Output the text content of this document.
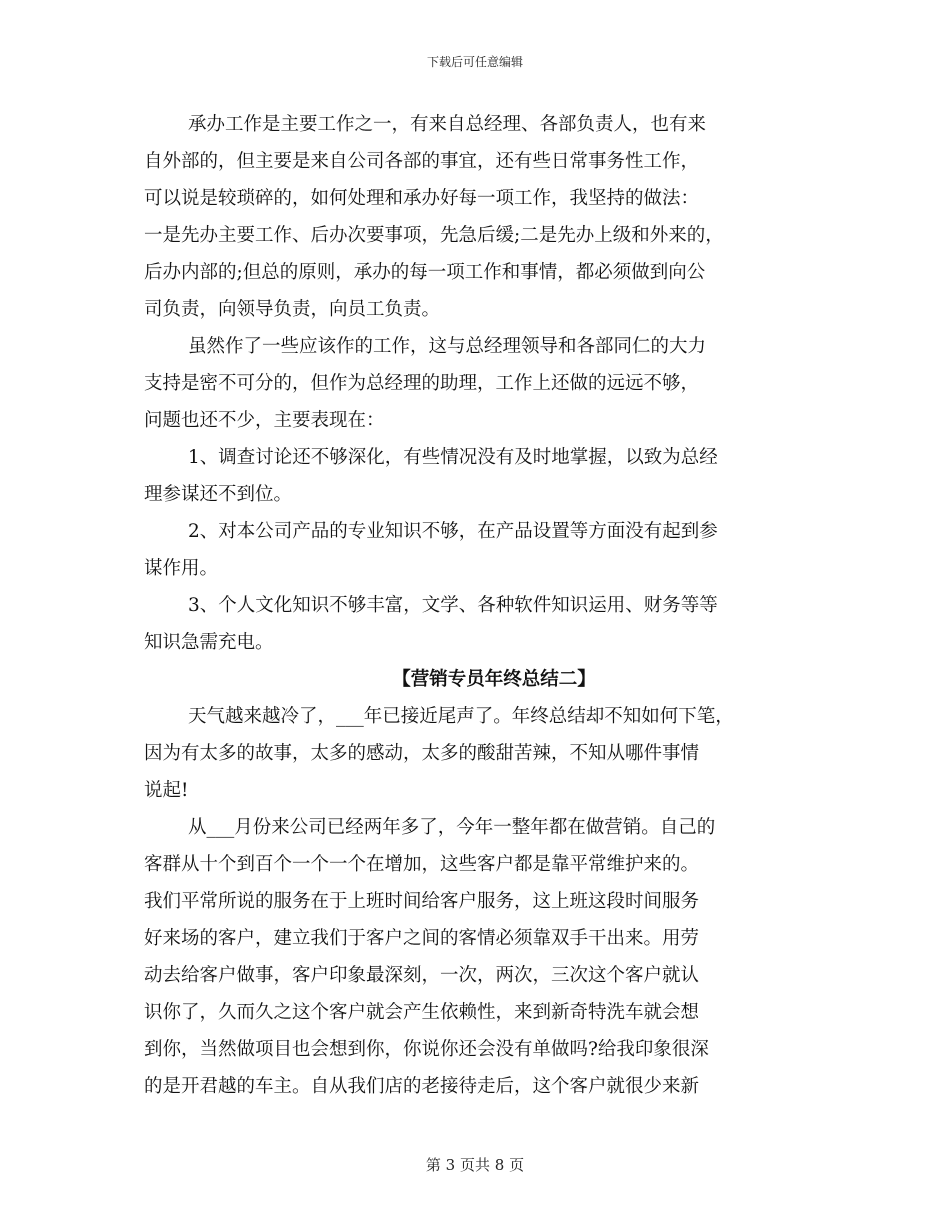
下载后可任意编辑
承办工作是主要工作之一，有来自总经理、各部负责人，也有来
自外部的，但主要是来自公司各部的事宜，还有些日常事务性工作，
可以说是较琐碎的，如何处理和承办好每一项工作，我坚持的做法：
一是先办主要工作、后办次要事项，先急后缓;二是先办上级和外来的，
后办内部的;但总的原则，承办的每一项工作和事情，都必须做到向公
司负责，向领导负责，向员工负责。
虽然作了一些应该作的工作，这与总经理领导和各部同仁的大力
支持是密不可分的，但作为总经理的助理，工作上还做的远远不够，
问题也还不少，主要表现在：
1、调查讨论还不够深化，有些情况没有及时地掌握，以致为总经
理参谋还不到位。
2、对本公司产品的专业知识不够，在产品设置等方面没有起到参
谋作用。
3、个人文化知识不够丰富，文学、各种软件知识运用、财务等等
知识急需充电。
【营销专员年终总结二】
天气越来越冷了，___年已接近尾声了。年终总结却不知如何下笔，
因为有太多的故事，太多的感动，太多的酸甜苦辣，不知从哪件事情
说起!
从___月份来公司已经两年多了，今年一整年都在做营销。自己的
客群从十个到百个一个一个在增加，这些客户都是靠平常维护来的。
我们平常所说的服务在于上班时间给客户服务，这上班这段时间服务
好来场的客户，建立我们于客户之间的客情必须靠双手干出来。用劳
动去给客户做事，客户印象最深刻，一次，两次，三次这个客户就认
识你了，久而久之这个客户就会产生依赖性，来到新奇特洗车就会想
到你，当然做项目也会想到你，你说你还会没有单做吗?给我印象很深
的是开君越的车主。自从我们店的老接待走后，这个客户就很少来新
第 3 页共 8 页
